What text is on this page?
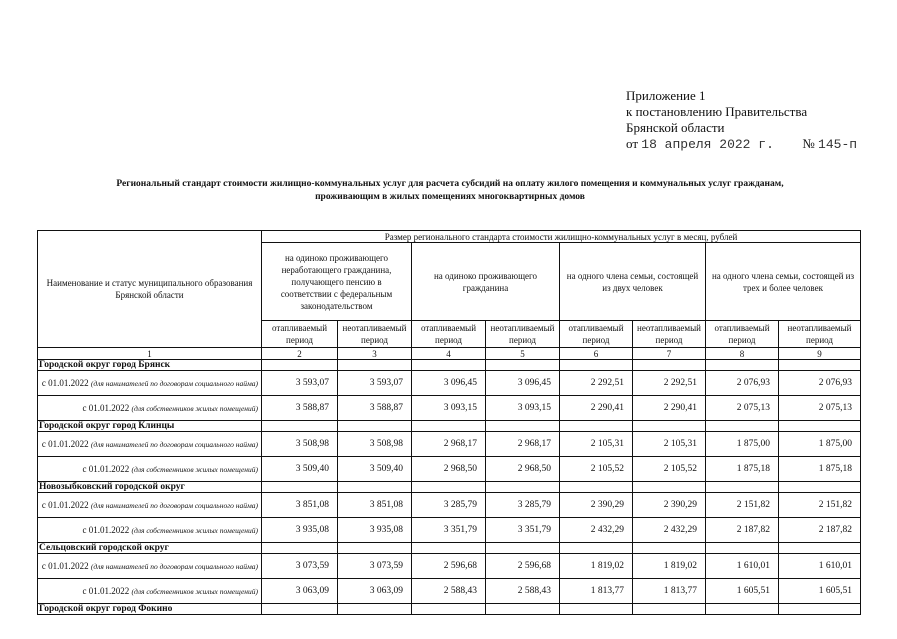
Приложение 1
к постановлению Правительства
Брянской области
от 18 апреля 2022 г. № 145-п
Региональный стандарт стоимости жилищно-коммунальных услуг для расчета субсидий на оплату жилого помещения и коммунальных услуг гражданам,
проживающим в жилых помещениях многоквартирных домов
Наименование и статус муниципального образования Брянской области	Размер регионального стандарта стоимости жилищно-коммунальных услуг в месяц, рублей							
	на одиноко проживающего неработающего гражданина, получающего пенсию в соответствии с федеральным законодательством		на одиноко проживающего гражданина		на одного члена семьи, состоящей из двух человек		на одного члена семьи, состоящей из трех и более человек	
	отапливаемый период	неотапливаемый период	отапливаемый период	неотапливаемый период	отапливаемый период	неотапливаемый период	отапливаемый период	неотапливаемый период
1	2	3	4	5	6	7	8	9
Городской округ город Брянск								
с 01.01.2022 (для нанимателей по договорам социального найма)	3 593,07	3 593,07	3 096,45	3 096,45	2 292,51	2 292,51	2 076,93	2 076,93
с 01.01.2022 (для собственников жилых помещений)	3 588,87	3 588,87	3 093,15	3 093,15	2 290,41	2 290,41	2 075,13	2 075,13
Городской округ город Клинцы								
с 01.01.2022 (для нанимателей по договорам социального найма)	3 508,98	3 508,98	2 968,17	2 968,17	2 105,31	2 105,31	1 875,00	1 875,00
с 01.01.2022 (для собственников жилых помещений)	3 509,40	3 509,40	2 968,50	2 968,50	2 105,52	2 105,52	1 875,18	1 875,18
Новозыбковский городской округ								
с 01.01.2022 (для нанимателей по договорам социального найма)	3 851,08	3 851,08	3 285,79	3 285,79	2 390,29	2 390,29	2 151,82	2 151,82
с 01.01.2022 (для собственников жилых помещений)	3 935,08	3 935,08	3 351,79	3 351,79	2 432,29	2 432,29	2 187,82	2 187,82
Сельцовский городской округ								
с 01.01.2022 (для нанимателей по договорам социального найма)	3 073,59	3 073,59	2 596,68	2 596,68	1 819,02	1 819,02	1 610,01	1 610,01
с 01.01.2022 (для собственников жилых помещений)	3 063,09	3 063,09	2 588,43	2 588,43	1 813,77	1 813,77	1 605,51	1 605,51
Городской округ город Фокино								
